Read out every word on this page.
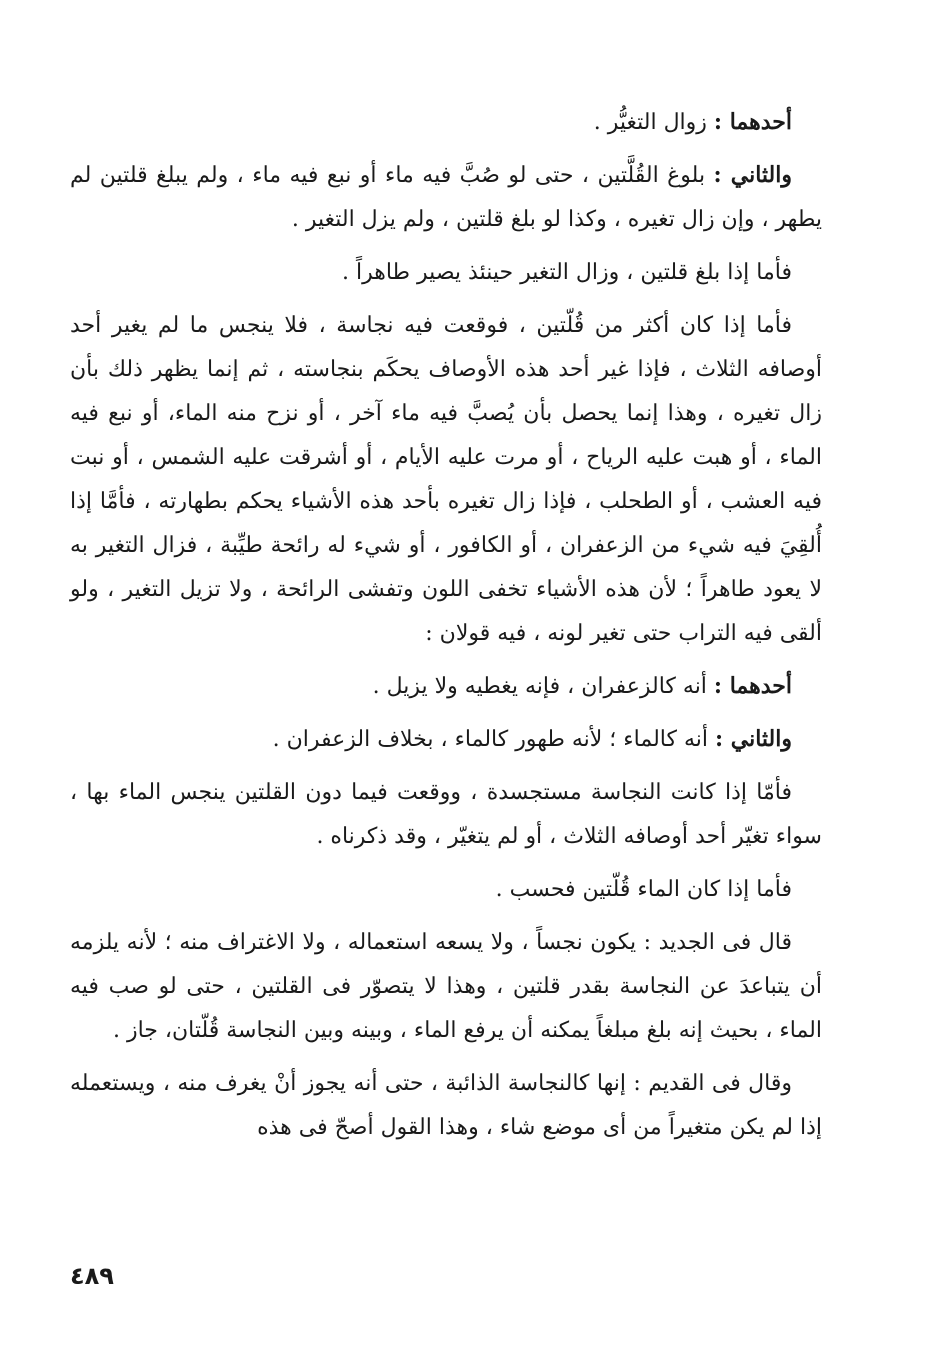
أحدهما : زوال التغيُّر .

والثاني : بلوغ القُلَّتين ، حتى لو صُبَّ فيه ماء أو نبع فيه ماء ، ولم يبلغ قلتين لم يطهر ، وإن زال تغيره ، وكذا لو بلغ قلتين ، ولم يزل التغير .

فأما إذا بلغ قلتين ، وزال التغير حينئذ يصير طاهراً .

فأما إذا كان أكثر من قُلّتين ، فوقعت فيه نجاسة ، فلا ينجس ما لم يغير أحد أوصافه الثلاث ، فإذا غير أحد هذه الأوصاف يحكَم بنجاسته ، ثم إنما يظهر ذلك بأن زال تغيره ، وهذا إنما يحصل بأن يُصبَّ فيه ماء آخر ، أو نزح منه الماء، أو نبع فيه الماء ، أو هبت عليه الرياح ، أو مرت عليه الأيام ، أو أشرقت عليه الشمس ، أو نبت فيه العشب ، أو الطحلب ، فإذا زال تغيره بأحد هذه الأشياء يحكم بطهارته ، فأمَّا إذا أُلقِيَ فيه شيء من الزعفران ، أو الكافور ، أو شيء له رائحة طيِّبة ، فزال التغير به لا يعود طاهراً ؛ لأن هذه الأشياء تخفى اللون وتفشى الرائحة ، ولا تزيل التغير ، ولو ألقى فيه التراب حتى تغير لونه ، فيه قولان :

أحدهما : أنه كالزعفران ، فإنه يغطيه ولا يزيل .

والثاني : أنه كالماء ؛ لأنه طهور كالماء ، بخلاف الزعفران .

فأمّا إذا كانت النجاسة مستجسدة ، ووقعت فيما دون القلتين ينجس الماء بها ، سواء تغيّر أحد أوصافه الثلاث ، أو لم يتغيّر ، وقد ذكرناه .

فأما إذا كان الماء قُلّتين فحسب .

قال فى الجديد : يكون نجساً ، ولا يسعه استعماله ، ولا الاغتراف منه ؛ لأنه يلزمه أن يتباعدَ عن النجاسة بقدر قلتين ، وهذا لا يتصوّر فى القلتين ، حتى لو صب فيه الماء ، بحيث إنه بلغ مبلغاً يمكنه أن يرفع الماء ، وبينه وبين النجاسة قُلّتان، جاز .

وقال فى القديم : إنها كالنجاسة الذائبة ، حتى أنه يجوز أنْ يغرف منه ، ويستعمله إذا لم يكن متغيراً من أى موضع شاء ، وهذا القول أصحّ فى هذه

٤٨٩
